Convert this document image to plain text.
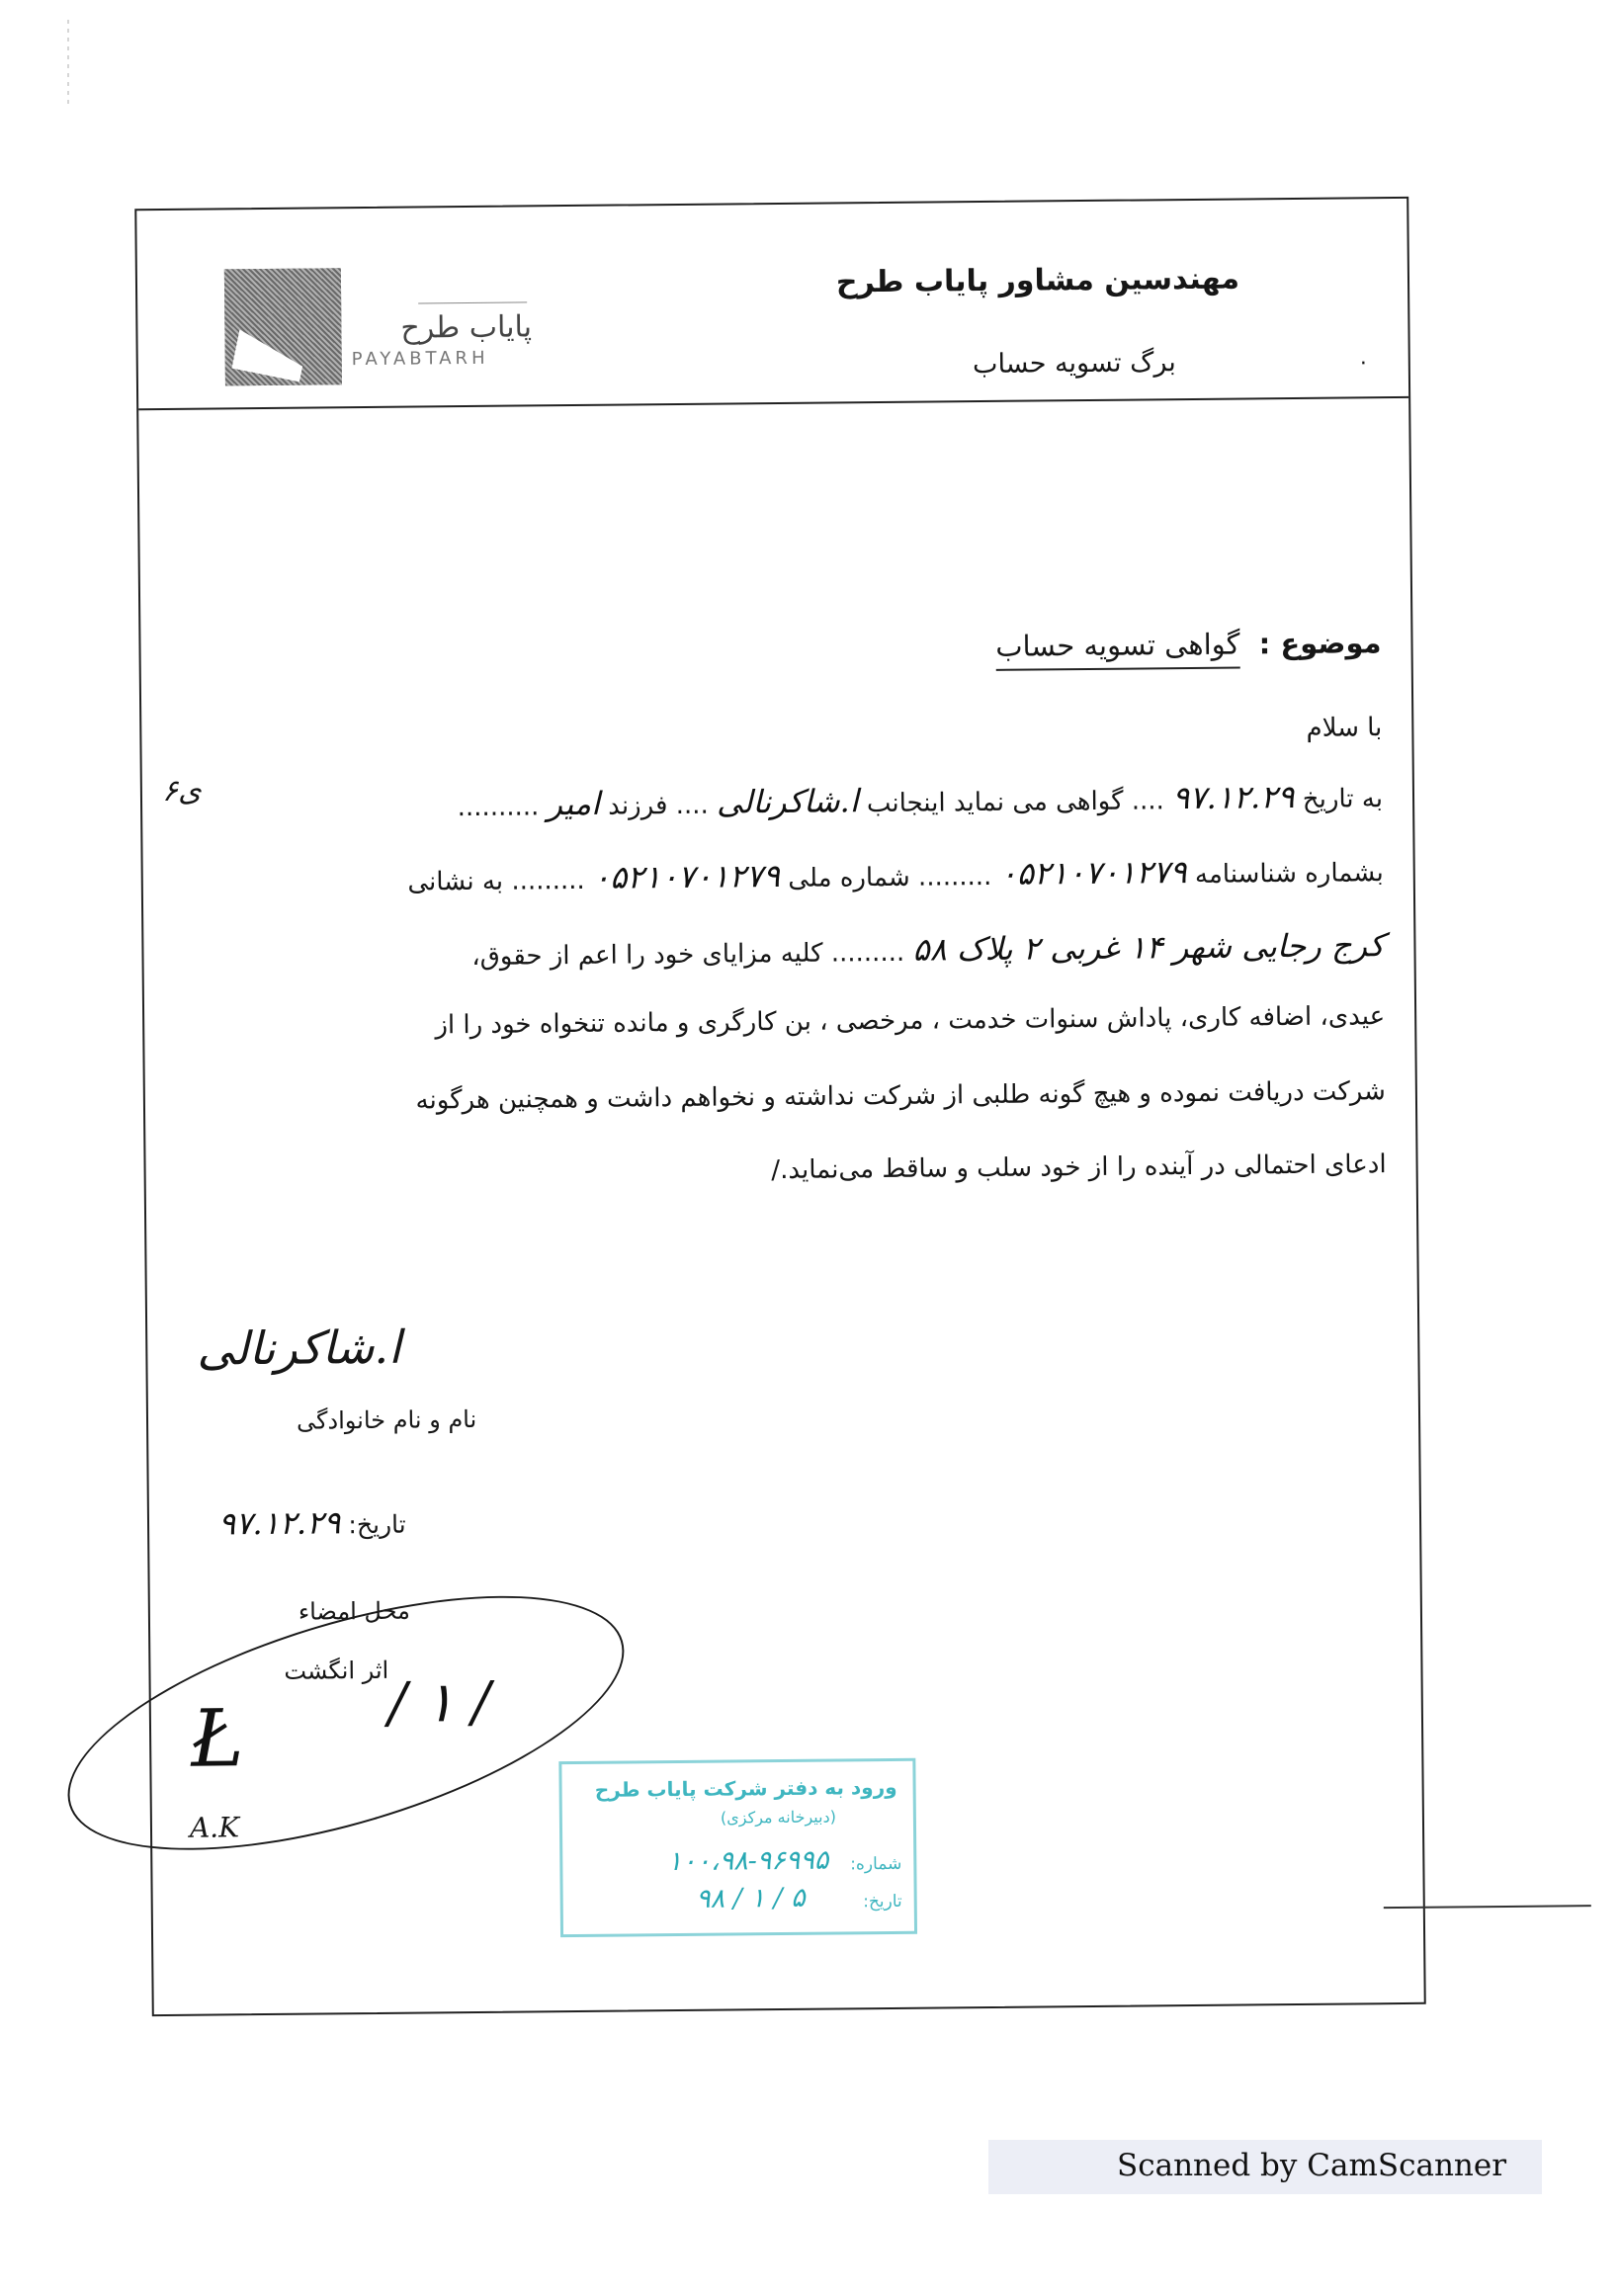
پایاب طرح
PAYABTARH
مهندسین مشاور پایاب طرح
برگ تسویه حساب	.
موضوع : گواهی تسویه حساب
با سلام
ی۶	به تاریخ ۹۷.۱۲.۲۹ .... گواهی می نماید اینجانب ا.شاکرنالی .... فرزند امیر ..........
بشماره شناسنامه ۰۵۲۱۰۷۰۱۲۷۹ ......... شماره ملی ۰۵۲۱۰۷۰۱۲۷۹ ......... به نشانی
کرج رجایی شهر ۱۴ غربی ۲ پلاک ۵۸ ......... کلیه مزایای خود را اعم از حقوق،
عیدی، اضافه کاری، پاداش سنوات خدمت ، مرخصی ، بن کارگری و مانده تنخواه خود را از
شرکت دریافت نموده و هیچ گونه طلبی از شرکت نداشته و نخواهم داشت و همچنین هرگونه
ادعای احتمالی در آینده را از خود سلب و ساقط می‌نماید./
ا.شاکرنالی
نام و نام خانوادگی
تاریخ: ۹۷.۱۲.۲۹
محل امضاء
اثر انگشت
Ł	/ ۱ /
A.K
ورود به دفتر شرکت پایاب طرح
(دبیرخانه مرکزی)
شماره:
۱۰۰،۹۸-۹۶۹۹۵
تاریخ:
۹۸ / ۱ / ۵
Scanned by CamScanner
